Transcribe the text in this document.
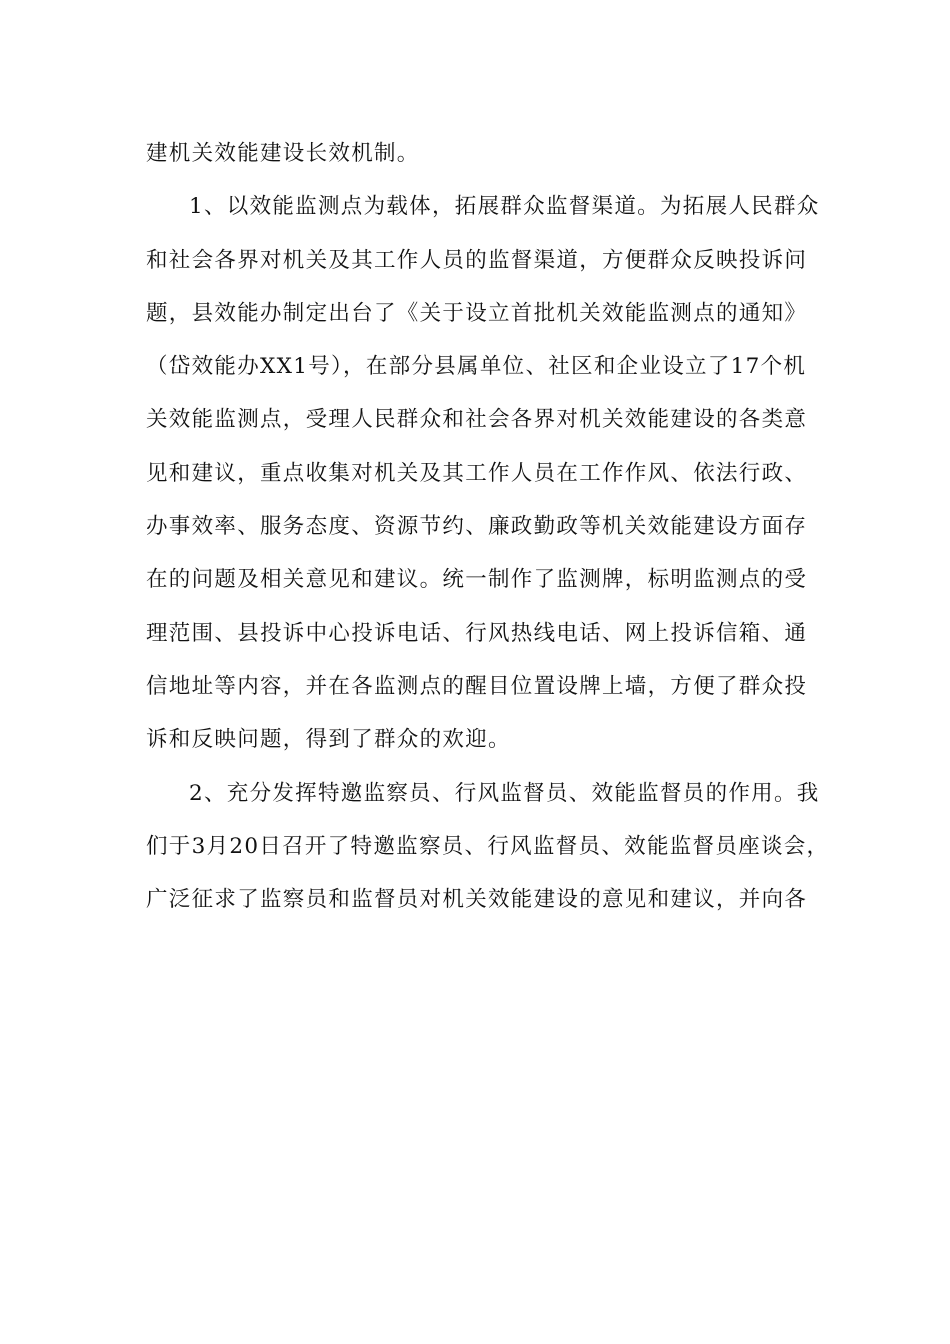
建机关效能建设长效机制。
1、以效能监测点为载体，拓展群众监督渠道。为拓展人民群众
和社会各界对机关及其工作人员的监督渠道，方便群众反映投诉问
题，县效能办制定出台了《关于设立首批机关效能监测点的通知》
（岱效能办XX1号），在部分县属单位、社区和企业设立了17个机
关效能监测点，受理人民群众和社会各界对机关效能建设的各类意
见和建议，重点收集对机关及其工作人员在工作作风、依法行政、
办事效率、服务态度、资源节约、廉政勤政等机关效能建设方面存
在的问题及相关意见和建议。统一制作了监测牌，标明监测点的受
理范围、县投诉中心投诉电话、行风热线电话、网上投诉信箱、通
信地址等内容，并在各监测点的醒目位置设牌上墙，方便了群众投
诉和反映问题，得到了群众的欢迎。
2、充分发挥特邀监察员、行风监督员、效能监督员的作用。我
们于3月20日召开了特邀监察员、行风监督员、效能监督员座谈会，
广泛征求了监察员和监督员对机关效能建设的意见和建议，并向各
